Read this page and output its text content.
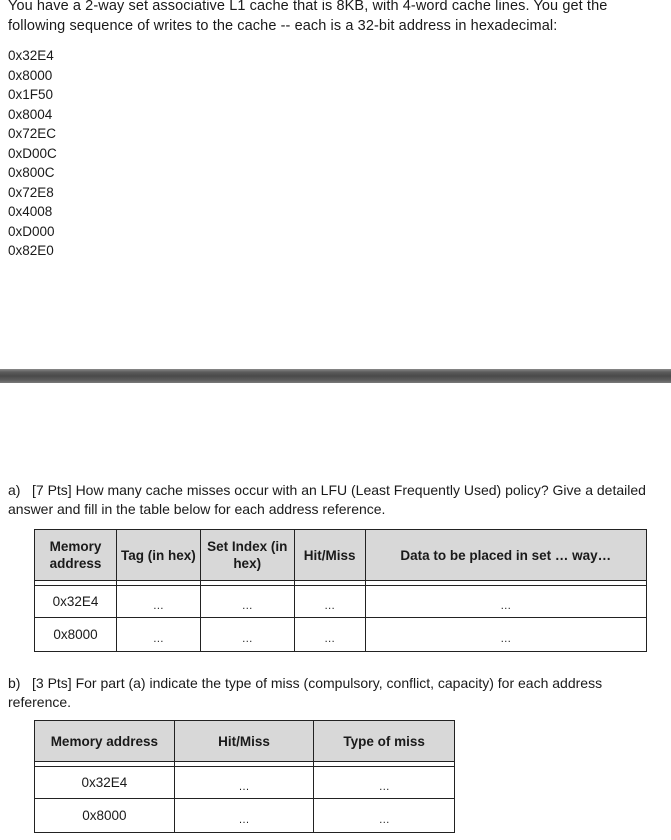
You have a 2-way set associative L1 cache that is 8KB, with 4-word cache lines. You get the following sequence of writes to the cache -- each is a 32-bit address in hexadecimal:
0x32E4
0x8000
0x1F50
0x8004
0x72EC
0xD00C
0x800C
0x72E8
0x4008
0xD000
0x82E0
a) [7 Pts] How many cache misses occur with an LFU (Least Frequently Used) policy? Give a detailed answer and fill in the table below for each address reference.
Memory address	Tag (in hex)	Set Index (in hex)	Hit/Miss	Data to be placed in set … way…

0x32E4	$_\dots$	$_\dots$	$_\dots$	$_\dots$
0x8000	$_\dots$	$_\dots$	$_\dots$	$_\dots$
b) [3 Pts] For part (a) indicate the type of miss (compulsory, conflict, capacity) for each address reference.
Memory address	Hit/Miss	Type of miss

0x32E4	$_\dots$	$_\dots$
0x8000	$_\dots$	$_\dots$
